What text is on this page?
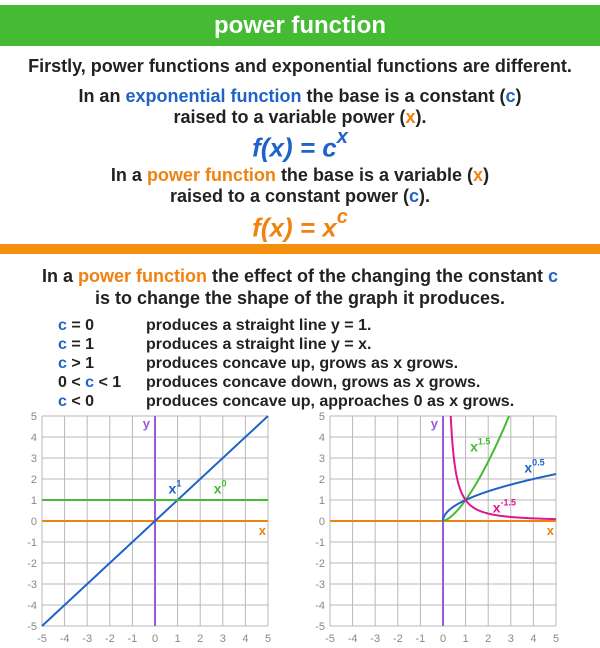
power function
Firstly, power functions and exponential functions are different.
In an exponential function the base is a constant (c)
raised to a variable power (x).
$f(x) = c^x$
In a power function the base is a variable (x)
raised to a constant power (c).
$f(x) = x^c$
In a power function the effect of the changing the constant c
is to change the shape of the graph it produces.
c = 0	produces a straight line y = 1.
c = 1	produces a straight line y = x.
c > 1	produces concave up, grows as x grows.
0 < c < 1 produces concave down, grows as x grows.
c < 0	produces concave up, approaches 0 as x grows.
-5 -4 -3 -2 -1 0 1 2 3 4 5
-5
-4
-3
-2
-1
0
1
2
3
4
5
x
y
$x^1$ $x^0$
-5 -4 -3 -2 -1 0 1 2 3 4 5
-5
-4
-3
-2
-1
0
1
2
3
4
5
x
y
$x^{1.5}$
$x^{0.5}$
$x^{-1.5}$
